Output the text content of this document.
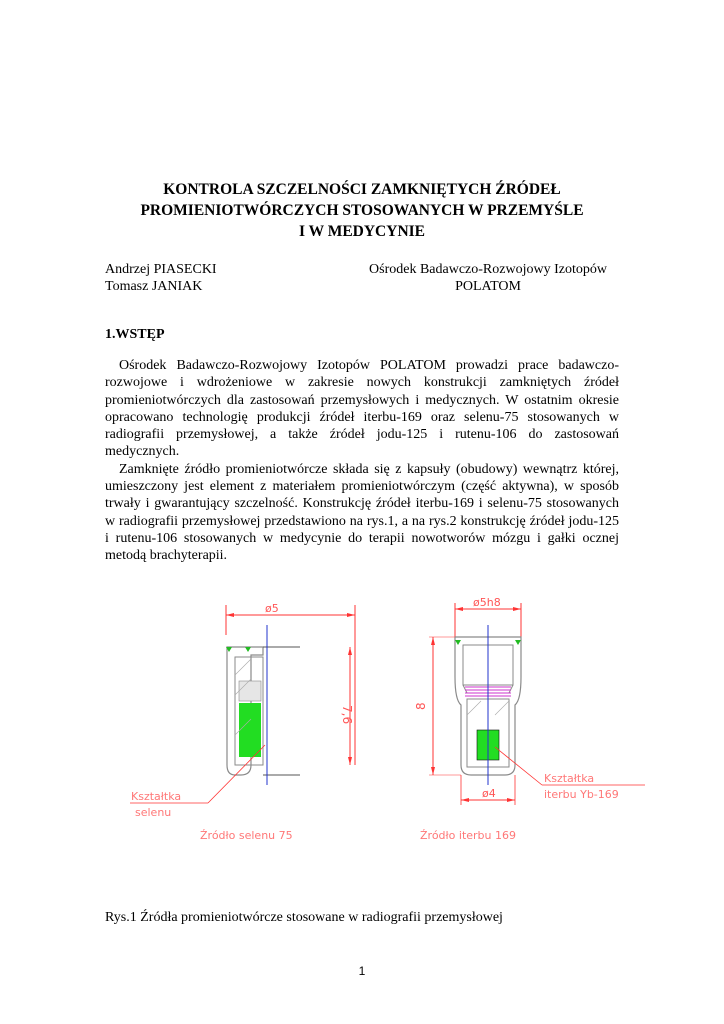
KONTROLA SZCZELNOŚCI ZAMKNIĘTYCH ŹRÓDEŁ
PROMIENIOTWÓRCZYCH STOSOWANYCH W PRZEMYŚLE
I W MEDYCYNIE
Andrzej PIASECKI	Ośrodek Badawczo-Rozwojowy Izotopów
Tomasz JANIAK	POLATOM
1.WSTĘP

Ośrodek Badawczo-Rozwojowy Izotopów POLATOM prowadzi prace badawczo-rozwojowe i wdrożeniowe w zakresie nowych konstrukcji zamkniętych źródeł promieniotwórczych dla zastosowań przemysłowych i medycznych. W ostatnim okresie opracowano technologię produkcji źródeł iterbu-169 oraz selenu-75 stosowanych w radiografii przemysłowej, a także źródeł jodu-125 i rutenu-106 do zastosowań medycznych.

Zamknięte źródło promieniotwórcze składa się z kapsuły (obudowy) wewnątrz której, umieszczony jest element z materiałem promieniotwórczym (część aktywna), w sposób trwały i gwarantujący szczelność. Konstrukcję źródeł iterbu-169 i selenu-75 stosowanych w radiografii przemysłowej przedstawiono na rys.1, a na rys.2 konstrukcję źródeł jodu-125 i rutenu-106 stosowanych w medycynie do terapii nowotworów mózgu i gałki ocznej metodą brachyterapii.

ø5
7,6
Kształtka
selenu
Źródło selenu 75
ø5h8
8
ø4
Kształtka
iterbu Yb-169
Źródło iterbu 169
Rys.1 Źródła promieniotwórcze stosowane w radiografii przemysłowej
1
